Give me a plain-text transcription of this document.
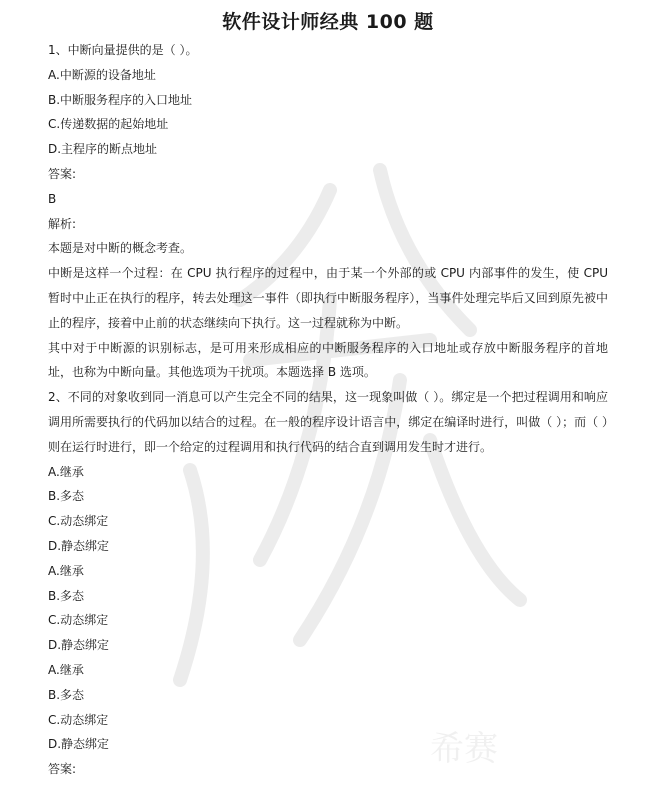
希赛
软件设计师经典 100 题
1、中断向量提供的是（ ）。
A.中断源的设备地址
B.中断服务程序的入口地址
C.传递数据的起始地址
D.主程序的断点地址
答案:
B
解析:
本题是对中断的概念考查。
中断是这样一个过程：在 CPU 执行程序的过程中，由于某一个外部的或 CPU 内部事件的发生，使 CPU 暂时中止正在执行的程序，转去处理这一事件（即执行中断服务程序），当事件处理完毕后又回到原先被中止的程序，接着中止前的状态继续向下执行。这一过程就称为中断。
其中对于中断源的识别标志，是可用来形成相应的中断服务程序的入口地址或存放中断服务程序的首地址，也称为中断向量。其他选项为干扰项。本题选择 B 选项。
2、不同的对象收到同一消息可以产生完全不同的结果，这一现象叫做（ ）。绑定是一个把过程调用和响应调用所需要执行的代码加以结合的过程。在一般的程序设计语言中，绑定在编译时进行，叫做（ ）；而（ ）则在运行时进行，即一个给定的过程调用和执行代码的结合直到调用发生时才进行。
A.继承
B.多态
C.动态绑定
D.静态绑定
A.继承
B.多态
C.动态绑定
D.静态绑定
A.继承
B.多态
C.动态绑定
D.静态绑定
答案:
